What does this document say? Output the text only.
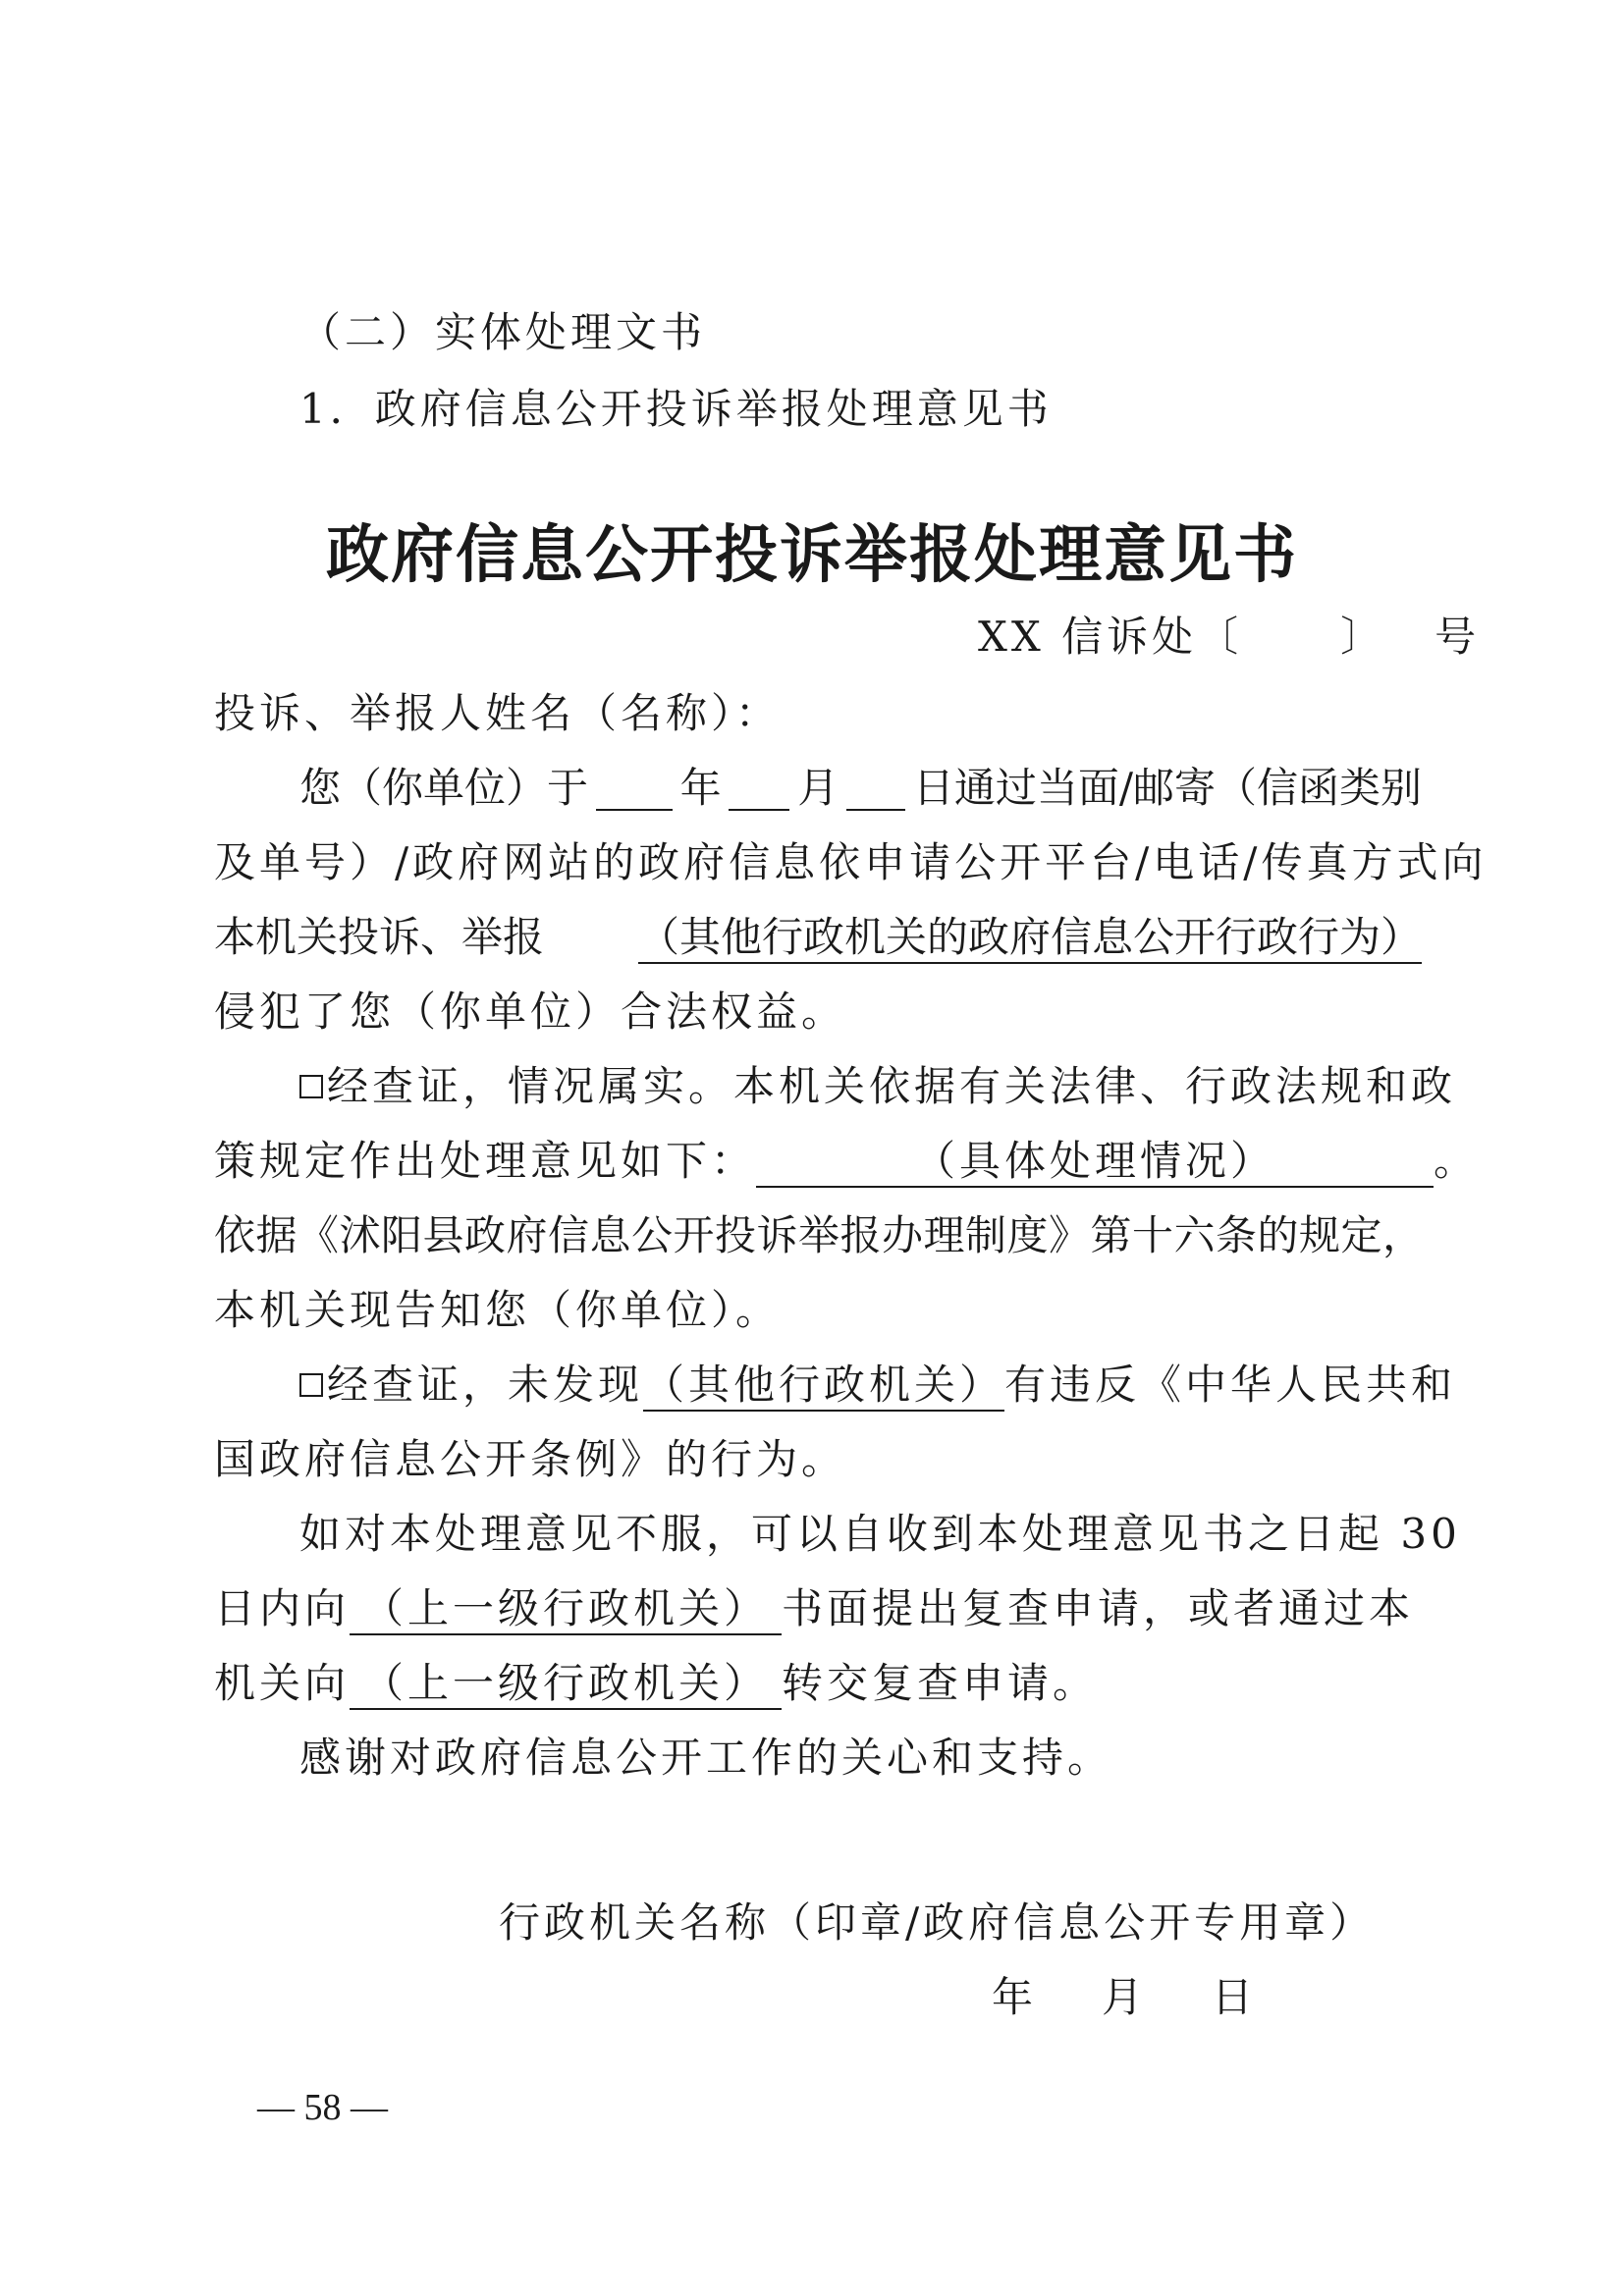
（二）实体处理文书
1．政府信息公开投诉举报处理意见书
政府信息公开投诉举报处理意见书
XX 信诉处〔 〕 号
投诉、举报人姓名（名称）：
您（你单位）于 年 月 日通过当面/邮寄（信函类别
及单号）/政府网站的政府信息依申请公开平台/电话/传真方式向
本机关投诉、举报 （其他行政机关的政府信息公开行政行为）
侵犯了您（你单位）合法权益。
经查证，情况属实。本机关依据有关法律、行政法规和政
策规定作出处理意见如下：	（具体处理情况）	。
依据《沭阳县政府信息公开投诉举报办理制度》第十六条的规定，
本机关现告知您（你单位）。
经查证，未发现（其他行政机关）有违反《中华人民共和
国政府信息公开条例》的行为。
如对本处理意见不服，可以自收到本处理意见书之日起 30
日内向 （上一级行政机关） 书面提出复查申请，或者通过本
机关向 （上一级行政机关） 转交复查申请。
感谢对政府信息公开工作的关心和支持。
行政机关名称（印章/政府信息公开专用章）
年 月 日
— 58 —
